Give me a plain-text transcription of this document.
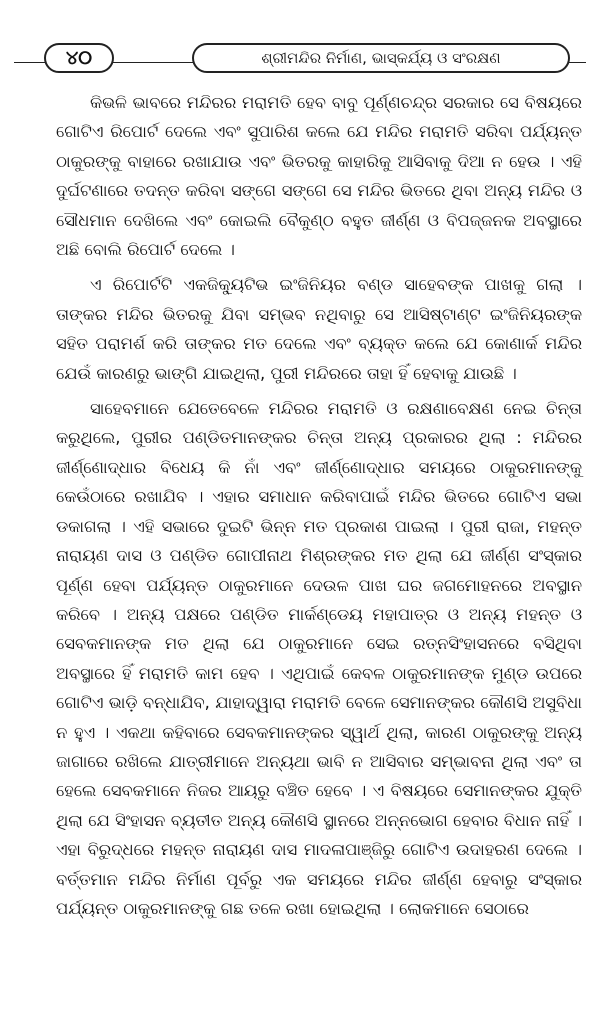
୪୦	ଶ୍ରୀମନ୍ଦିର ନିର୍ମାଣ, ଭାସ୍କର୍ଯ୍ୟ ଓ ସଂରକ୍ଷଣ

କିଭଳି ଭାବରେ ମନ୍ଦିରର ମରାମତି ହେବ ବାବୁ ପୂର୍ଣ୍ଣଚନ୍ଦ୍ର ସରକାର ସେ ବିଷୟରେ ଗୋଟିଏ ରିପୋର୍ଟ ଦେଲେ ଏବଂ ସୁପାରିଶ କଲେ ଯେ ମନ୍ଦିର ମରାମତି ସରିବା ପର୍ଯ୍ୟନ୍ତ ଠାକୁରଙ୍କୁ ବାହାରେ ରଖାଯାଉ ଏବଂ ଭିତରକୁ କାହାରିକୁ ଆସିବାକୁ ଦିଆ ନ ହେଉ । ଏହି ଦୁର୍ଘଟଣାରେ ତଦନ୍ତ କରିବା ସଙ୍ଗେ ସଙ୍ଗେ ସେ ମନ୍ଦିର ଭିତରେ ଥିବା ଅନ୍ୟ ମନ୍ଦିର ଓ ସୌଧମାନ ଦେଖିଲେ ଏବଂ କୋଇଲି ବୈକୁଣ୍ଠ ବହୁତ ଜୀର୍ଣ୍ଣ ଓ ବିପଜ୍ଜନକ ଅବସ୍ଥାରେ ଅଛି ବୋଲି ରିପୋର୍ଟ ଦେଲେ ।

ଏ ରିପୋର୍ଟଟି ଏକଜିକ୍ୟୁଟିଭ ଇଂଜିନିୟର ବଣ୍ଡ ସାହେବଙ୍କ ପାଖକୁ ଗଲା । ତାଙ୍କର ମନ୍ଦିର ଭିତରକୁ ଯିବା ସମ୍ଭବ ନଥିବାରୁ ସେ ଆସିଷ୍ଟାଣ୍ଟ ଇଂଜିନିୟରଙ୍କ ସହିତ ପରାମର୍ଶ କରି ତାଙ୍କର ମତ ଦେଲେ ଏବଂ ବ୍ୟକ୍ତ କଲେ ଯେ କୋଣାର୍କ ମନ୍ଦିର ଯେଉଁ କାରଣରୁ ଭାଙ୍ଗି ଯାଇଥିଲା, ପୁରୀ ମନ୍ଦିରରେ ତାହା ହିଁ ହେବାକୁ ଯାଉଛି ।

ସାହେବମାନେ ଯେତେବେଳେ ମନ୍ଦିରର ମରାମତି ଓ ରକ୍ଷଣାବେକ୍ଷଣ ନେଇ ଚିନ୍ତା କରୁଥିଲେ, ପୁରୀର ପଣ୍ଡିତମାନଙ୍କର ଚିନ୍ତା ଅନ୍ୟ ପ୍ରକାରର ଥିଲା : ମନ୍ଦିରର ଜୀର୍ଣ୍ଣୋଦ୍ଧାର ବିଧେୟ କି ନାଁ ଏବଂ ଜୀର୍ଣ୍ଣୋଦ୍ଧାର ସମୟରେ ଠାକୁରମାନଙ୍କୁ କେଉଁଠାରେ ରଖାଯିବ । ଏହାର ସମାଧାନ କରିବାପାଇଁ ମନ୍ଦିର ଭିତରେ ଗୋଟିଏ ସଭା ଡକାଗଲା । ଏହି ସଭାରେ ଦୁଇଟି ଭିନ୍ନ ମତ ପ୍ରକାଶ ପାଇଲା । ପୁରୀ ରାଜା, ମହନ୍ତ ନାରାୟଣ ଦାସ ଓ ପଣ୍ଡିତ ଗୋପୀନାଥ ମିଶ୍ରଙ୍କର ମତ ଥିଲା ଯେ ଜୀର୍ଣ୍ଣ ସଂସ୍କାର ପୂର୍ଣ୍ଣ ହେବା ପର୍ଯ୍ୟନ୍ତ ଠାକୁରମାନେ ଦେଉଳ ପାଖ ଘର ଜଗମୋହନରେ ଅବସ୍ଥାନ କରିବେ । ଅନ୍ୟ ପକ୍ଷରେ ପଣ୍ଡିତ ମାର୍କଣ୍ଡେୟ ମହାପାତ୍ର ଓ ଅନ୍ୟ ମହନ୍ତ ଓ ସେବକମାନଙ୍କ ମତ ଥିଲା ଯେ ଠାକୁରମାନେ ସେଇ ରତ୍ନସିଂହାସନରେ ବସିଥିବା ଅବସ୍ଥାରେ ହିଁ ମରାମତି କାମ ହେବ । ଏଥିପାଇଁ କେବଳ ଠାକୁରମାନଙ୍କ ମୁଣ୍ଡ ଉପରେ ଗୋଟିଏ ଭାଡ଼ି ବନ୍ଧାଯିବ, ଯାହାଦ୍ୱାରା ମରାମତି ବେଳେ ସେମାନଙ୍କର କୌଣସି ଅସୁବିଧା ନ ହୁଏ । ଏକଥା କହିବାରେ ସେବକମାନଙ୍କର ସ୍ୱାର୍ଥ ଥିଲା, କାରଣ ଠାକୁରଙ୍କୁ ଅନ୍ୟ ଜାଗାରେ ରଖିଲେ ଯାତ୍ରୀମାନେ ଅନ୍ୟଥା ଭାବି ନ ଆସିବାର ସମ୍ଭାବନା ଥିଲା ଏବଂ ତା ହେଲେ ସେବକମାନେ ନିଜର ଆୟରୁ ବଞ୍ଚିତ ହେବେ । ଏ ବିଷୟରେ ସେମାନଙ୍କର ଯୁକ୍ତି ଥିଲା ଯେ ସିଂହାସନ ବ୍ୟତୀତ ଅନ୍ୟ କୌଣସି ସ୍ଥାନରେ ଅନ୍ନଭୋଗ ହେବାର ବିଧାନ ନାହିଁ । ଏହା ବିରୁଦ୍ଧରେ ମହନ୍ତ ନାରାୟଣ ଦାସ ମାଦଳାପାଞ୍ଜିରୁ ଗୋଟିଏ ଉଦାହରଣ ଦେଲେ । ବର୍ତ୍ତମାନ ମନ୍ଦିର ନିର୍ମାଣ ପୂର୍ବରୁ ଏକ ସମୟରେ ମନ୍ଦିର ଜୀର୍ଣ୍ଣ ହେବାରୁ ସଂସ୍କାର ପର୍ଯ୍ୟନ୍ତ ଠାକୁରମାନଙ୍କୁ ଗଛ ତଳେ ରଖା ହୋଇଥିଲା । ଲୋକମାନେ ସେଠାରେ
